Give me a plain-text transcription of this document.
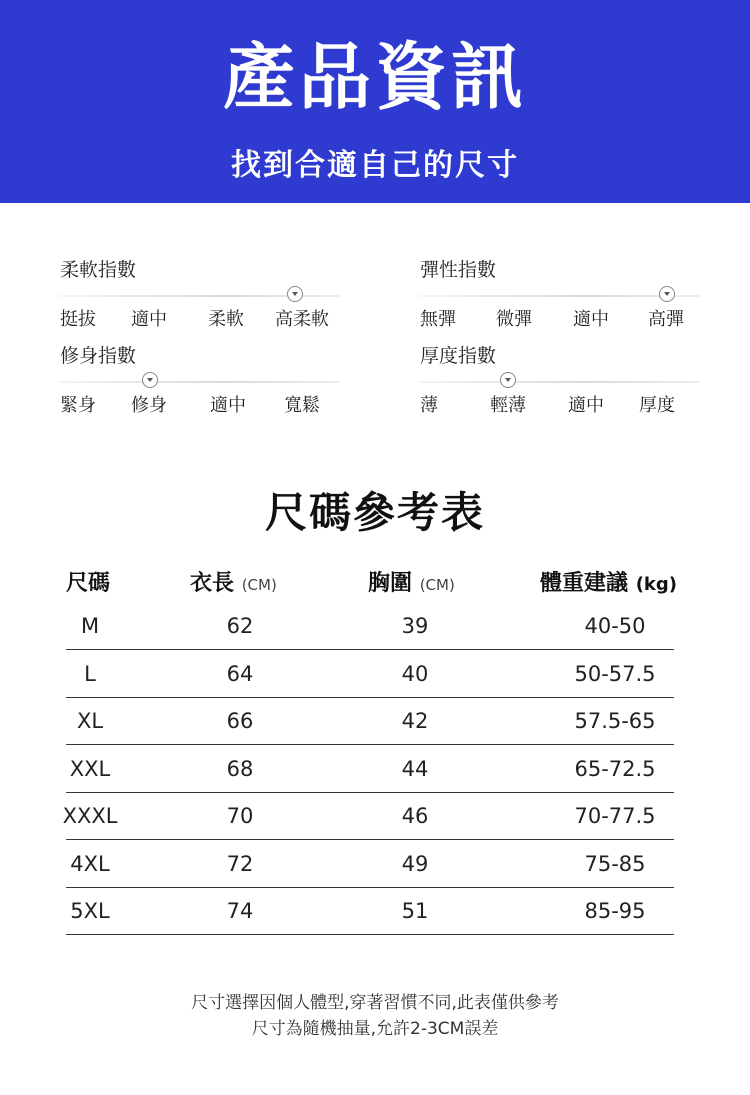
產品資訊
找到合適自己的尺寸
柔軟指數
挺拔 適中 柔軟 高柔軟
彈性指數
無彈 微彈 適中 高彈
修身指數
緊身 修身 適中 寬鬆
厚度指數
薄	輕薄 適中 厚度
尺碼參考表
尺碼	衣長 (CM)	胸圍 (CM)	體重建議 (kg)
M	62	39	40-50
L	64	40	50-57.5
XL	66	42	57.5-65
XXL	68	44	65-72.5
XXXL	70	46	70-77.5
4XL	72	49	75-85
5XL	74	51	85-95
尺寸選擇因個人體型,穿著習慣不同,此表僅供參考
尺寸為隨機抽量,允許2-3CM誤差
